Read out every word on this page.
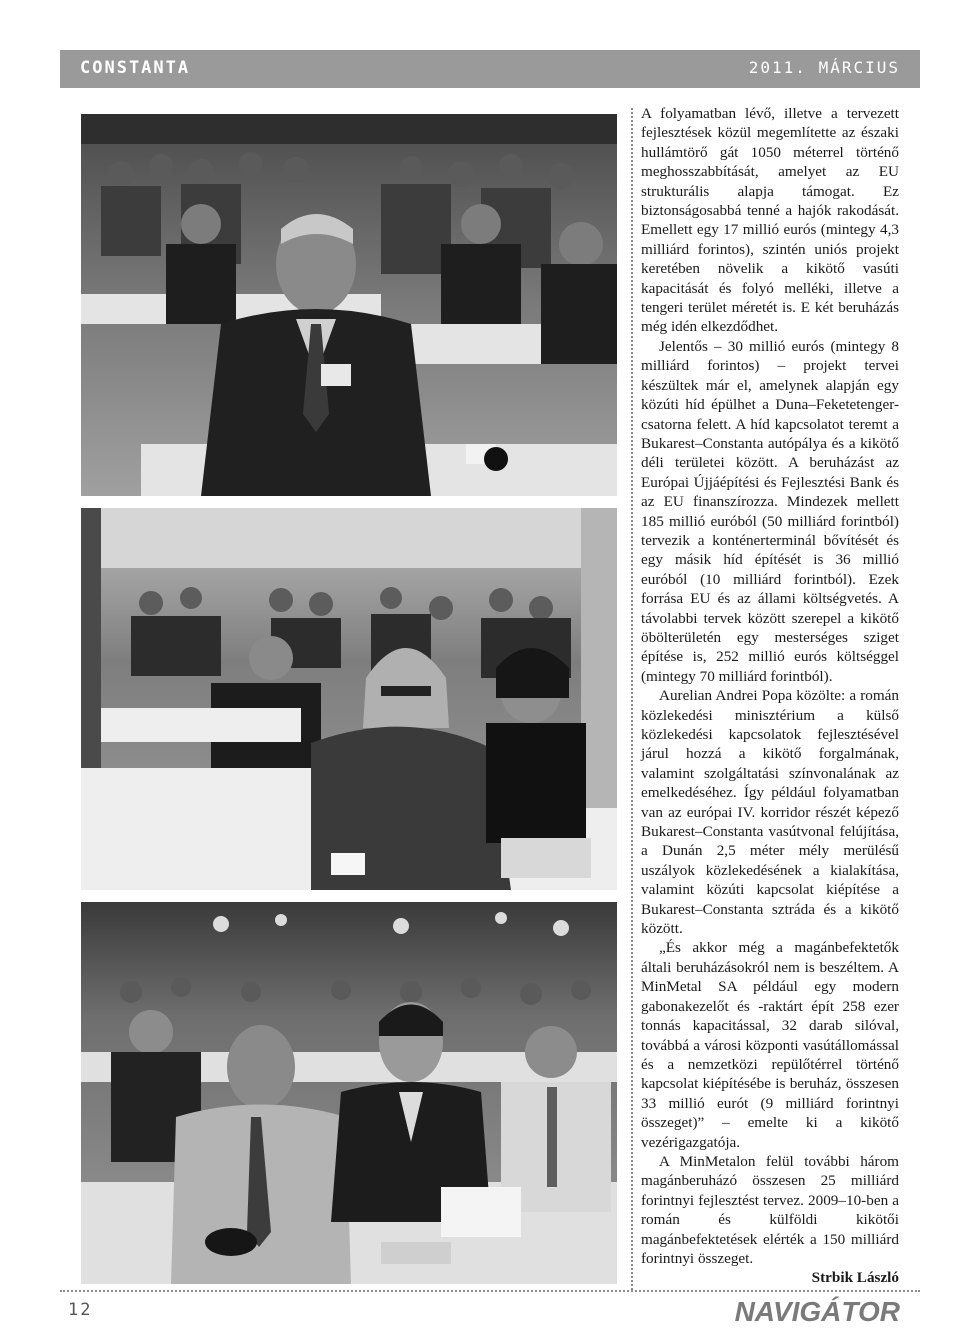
CONSTANTA	2011. MÁRCIUS

A folyamatban lévő, illetve a tervezett fejlesztések közül megemlítette az északi hullámtörő gát 1050 méterrel történő meghosszabbítását, amelyet az EU strukturális alapja támogat. Ez biztonságosabbá tenné a hajók rakodását. Emellett egy 17 millió eurós (mintegy 4,3 milliárd forintos), szintén uniós projekt keretében növelik a kikötő vasúti kapacitását és folyó melléki, illetve a tengeri terület méretét is. E két beruházás még idén elkezdődhet.

Jelentős – 30 millió eurós (mintegy 8 milliárd forintos) – projekt tervei készültek már el, amelynek alapján egy közúti híd épülhet a Duna–Feketetenger-csatorna felett. A híd kapcsolatot teremt a Bukarest–Constanta autópálya és a kikötő déli területei között. A beruházást az Európai Újjáépítési és Fejlesztési Bank és az EU finanszírozza. Mindezek mellett 185 millió euróból (50 milliárd forintból) tervezik a konténerterminál bővítését és egy másik híd építését is 36 millió euróból (10 milliárd forintból). Ezek forrása EU és az állami költségvetés. A távolabbi tervek között szerepel a kikötő öbölterületén egy mesterséges sziget építése is, 252 millió eurós költséggel (mintegy 70 milliárd forintból).

Aurelian Andrei Popa közölte: a román közlekedési minisztérium a külső közlekedési kapcsolatok fejlesztésével járul hozzá a kikötő forgalmának, valamint szolgáltatási színvonalának az emelkedéséhez. Így például folyamatban van az európai IV. korridor részét képező Bukarest–Constanta vasútvonal felújítása, a Dunán 2,5 méter mély merülésű uszályok közlekedésének a kialakítása, valamint közúti kapcsolat kiépítése a Bukarest–Constanta sztráda és a kikötő között.

„És akkor még a magánbefektetők általi beruházásokról nem is beszéltem. A MinMetal SA például egy modern gabonakezelőt és -raktárt épít 258 ezer tonnás kapacitással, 32 darab silóval, továbbá a városi központi vasútállomással és a nemzetközi repülőtérrel történő kapcsolat kiépítésébe is beruház, összesen 33 millió eurót (9 milliárd forintnyi összeget)” – emelte ki a kikötő vezérigazgatója.

A MinMetalon felül további három magánberuházó összesen 25 milliárd forintnyi fejlesztést tervez. 2009–10-ben a román és külföldi kikötői magánbefektetések elérték a 150 milliárd forintnyi összeget.

Strbik László

12	NAVIGÁTOR
